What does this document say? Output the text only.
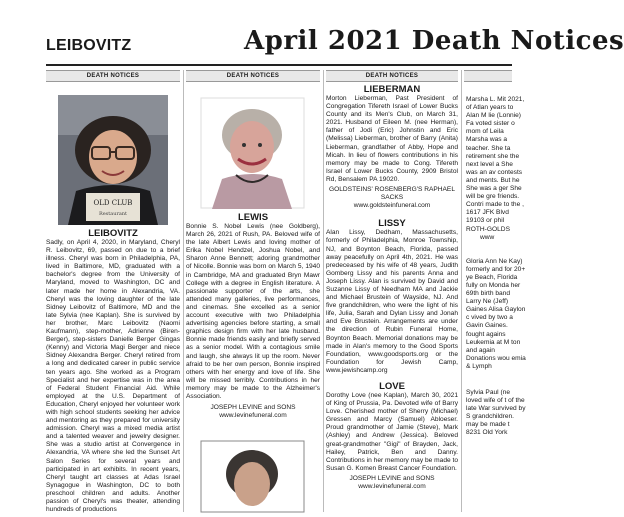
LEIBOVITZ	April 2021 Death Notices
DEATH NOTICES	DEATH NOTICES	DEATH NOTICES
OLD CLUB
Restaurant

LEIBOVITZ

Sadly, on April 4, 2020, in Maryland, Cheryl R. Leibovitz, 69, passed on due to a brief illness. Cheryl was born in Philadelphia, PA, lived in Baltimore, MD, graduated with a bachelor's degree from the University of Maryland, moved to Washington, DC and later made her home in Alexandria, VA. Cheryl was the loving daughter of the late Sidney Leibovitz of Baltimore, MD and the late Sylvia (nee Kaplan). She is survived by her brother, Marc Leibovitz (Naomi Kaufmann), step-mother, Adrienne (Biren-Berger), step-sisters Danielle Berger Gingas (Kenny) and Victoria Magi Berger and niece Sidney Alexandra Berger. Cheryl retired from a long and dedicated career in public service ten years ago. She worked as a Program Specialist and her expertise was in the area of Federal Student Financial Aid. While employed at the U.S. Department of Education, Cheryl enjoyed her volunteer work with high school students seeking her advice and mentoring as they prepared for university admission. Cheryl was a mixed media artist and a talented weaver and jewelry designer. She was a studio artist at Convergence in Alexandria, VA where she led the Sunset Art Salon Series for several years and participated in art exhibits. In recent years, Cheryl taught art classes at Adas Israel Synagogue in Washington, DC to both preschool children and adults. Another passion of Cheryl's was theater, attending hundreds of productions

LEWIS

Bonnie S. Nobel Lewis (nee Goldberg), March 26, 2021 of Rush, PA. Beloved wife of the late Albert Lewis and loving mother of Erika Nobel Hendzel, Joshua Nobel, and Sharon Anne Bennett; adoring grandmother of Nicolle. Bonnie was born on March 5, 1940 in Cambridge, MA and graduated Bryn Mawr College with a degree in English literature. A passionate supporter of the arts, she attended many galleries, live performances, and cinemas. She excelled as a senior account executive with two Philadelphia advertising agencies before starting, a small graphics design firm with her late husband. Bonnie made friends easily and briefly served as a senior model. With a contagious smile and laugh, she always lit up the room. Never afraid to be her own person, Bonnie inspired others with her energy and love of life. She will be missed terribly. Contributions in her memory may be made to the Alzheimer's Association.

JOSEPH LEVINE and SONS

www.levinefuneral.com

LIEBERMAN

Morton Lieberman, Past President of Congregation Tifereth Israel of Lower Bucks County and its Men's Club, on March 31, 2021. Husband of Eileen M. (nee Herman), father of Jodi (Eric) Johnstin and Eric (Melissa) Lieberman, brother of Barry (Anita) Lieberman, grandfather of Abby, Hope and Micah. In lieu of flowers contributions in his memory may be made to Cong. Tifereth Israel of Lower Bucks County, 2909 Bristol Rd, Bensalem PA 19020.

GOLDSTEINS' ROSENBERG'S RAPHAEL SACKS

www.goldsteinfuneral.com

LISSY

Alan Lissy, Dedham, Massachusetts, formerly of Philadelphia, Monroe Township, NJ, and Boynton Beach, Florida, passed away peacefully on April 4th, 2021. He was predeceased by his wife of 48 years, Judith Gomberg Lissy and his parents Anna and Joseph Lissy. Alan is survived by David and Suzanne Lissy of Needham MA and Jackie and Michael Brustein of Wayside, NJ. And five grandchildren, who were the light of his life, Julia, Sarah and Dylan Lissy and Jonah and Eve Brustein. Arrangements are under the direction of Rubin Funeral Home, Boynton Beach. Memorial donations may be made in Alan's memory to the Good Sports Foundation, www.goodsports.org or the Foundation for Jewish Camp, www.jewishcamp.org

LOVE

Dorothy Love (nee Kaplan), March 30, 2021 of King of Prussia, Pa. Devoted wife of Barry Love. Cherished mother of Sherry (Michael) Gressen and Marcy (Samuel) Abloeser. Proud grandmother of Jamie (Steve), Mark (Ashley) and Andrew (Jessica). Beloved great-grandmother "Gigi" of Brayden, Jack, Hailey, Patrick, Ben and Danny. Contributions in her memory may be made to Susan G. Komen Breast Cancer Foundation.

JOSEPH LEVINE and SONS

www.levinefuneral.com

Marsha L. Mit 2021, of Atlan years to Alan M lie (Lonnie) Fa voted sister o mom of Leila Marsha was a teacher. She ta retirement she the next level a She was an av contests and ments. But he She was a ger She will be gre friends. Contri made to the , 1617 JFK Blvd 19103 or phil

ROTH-GOLDS

www

Gloria Ann Ne Kay) formerly and for 20+ ye Beach, Florida fully on Monda her 69th birth band Larry Ne (Jeff) Gaines Alisa Gaylon c vived by two a Gavin Gaines. fought agains Leukemia at M ton and again Donations wou emia & Lymph

Sylvia Paul (ne loved wife of t of the late War survived by S grandchildren. may be made t 8231 Old York
